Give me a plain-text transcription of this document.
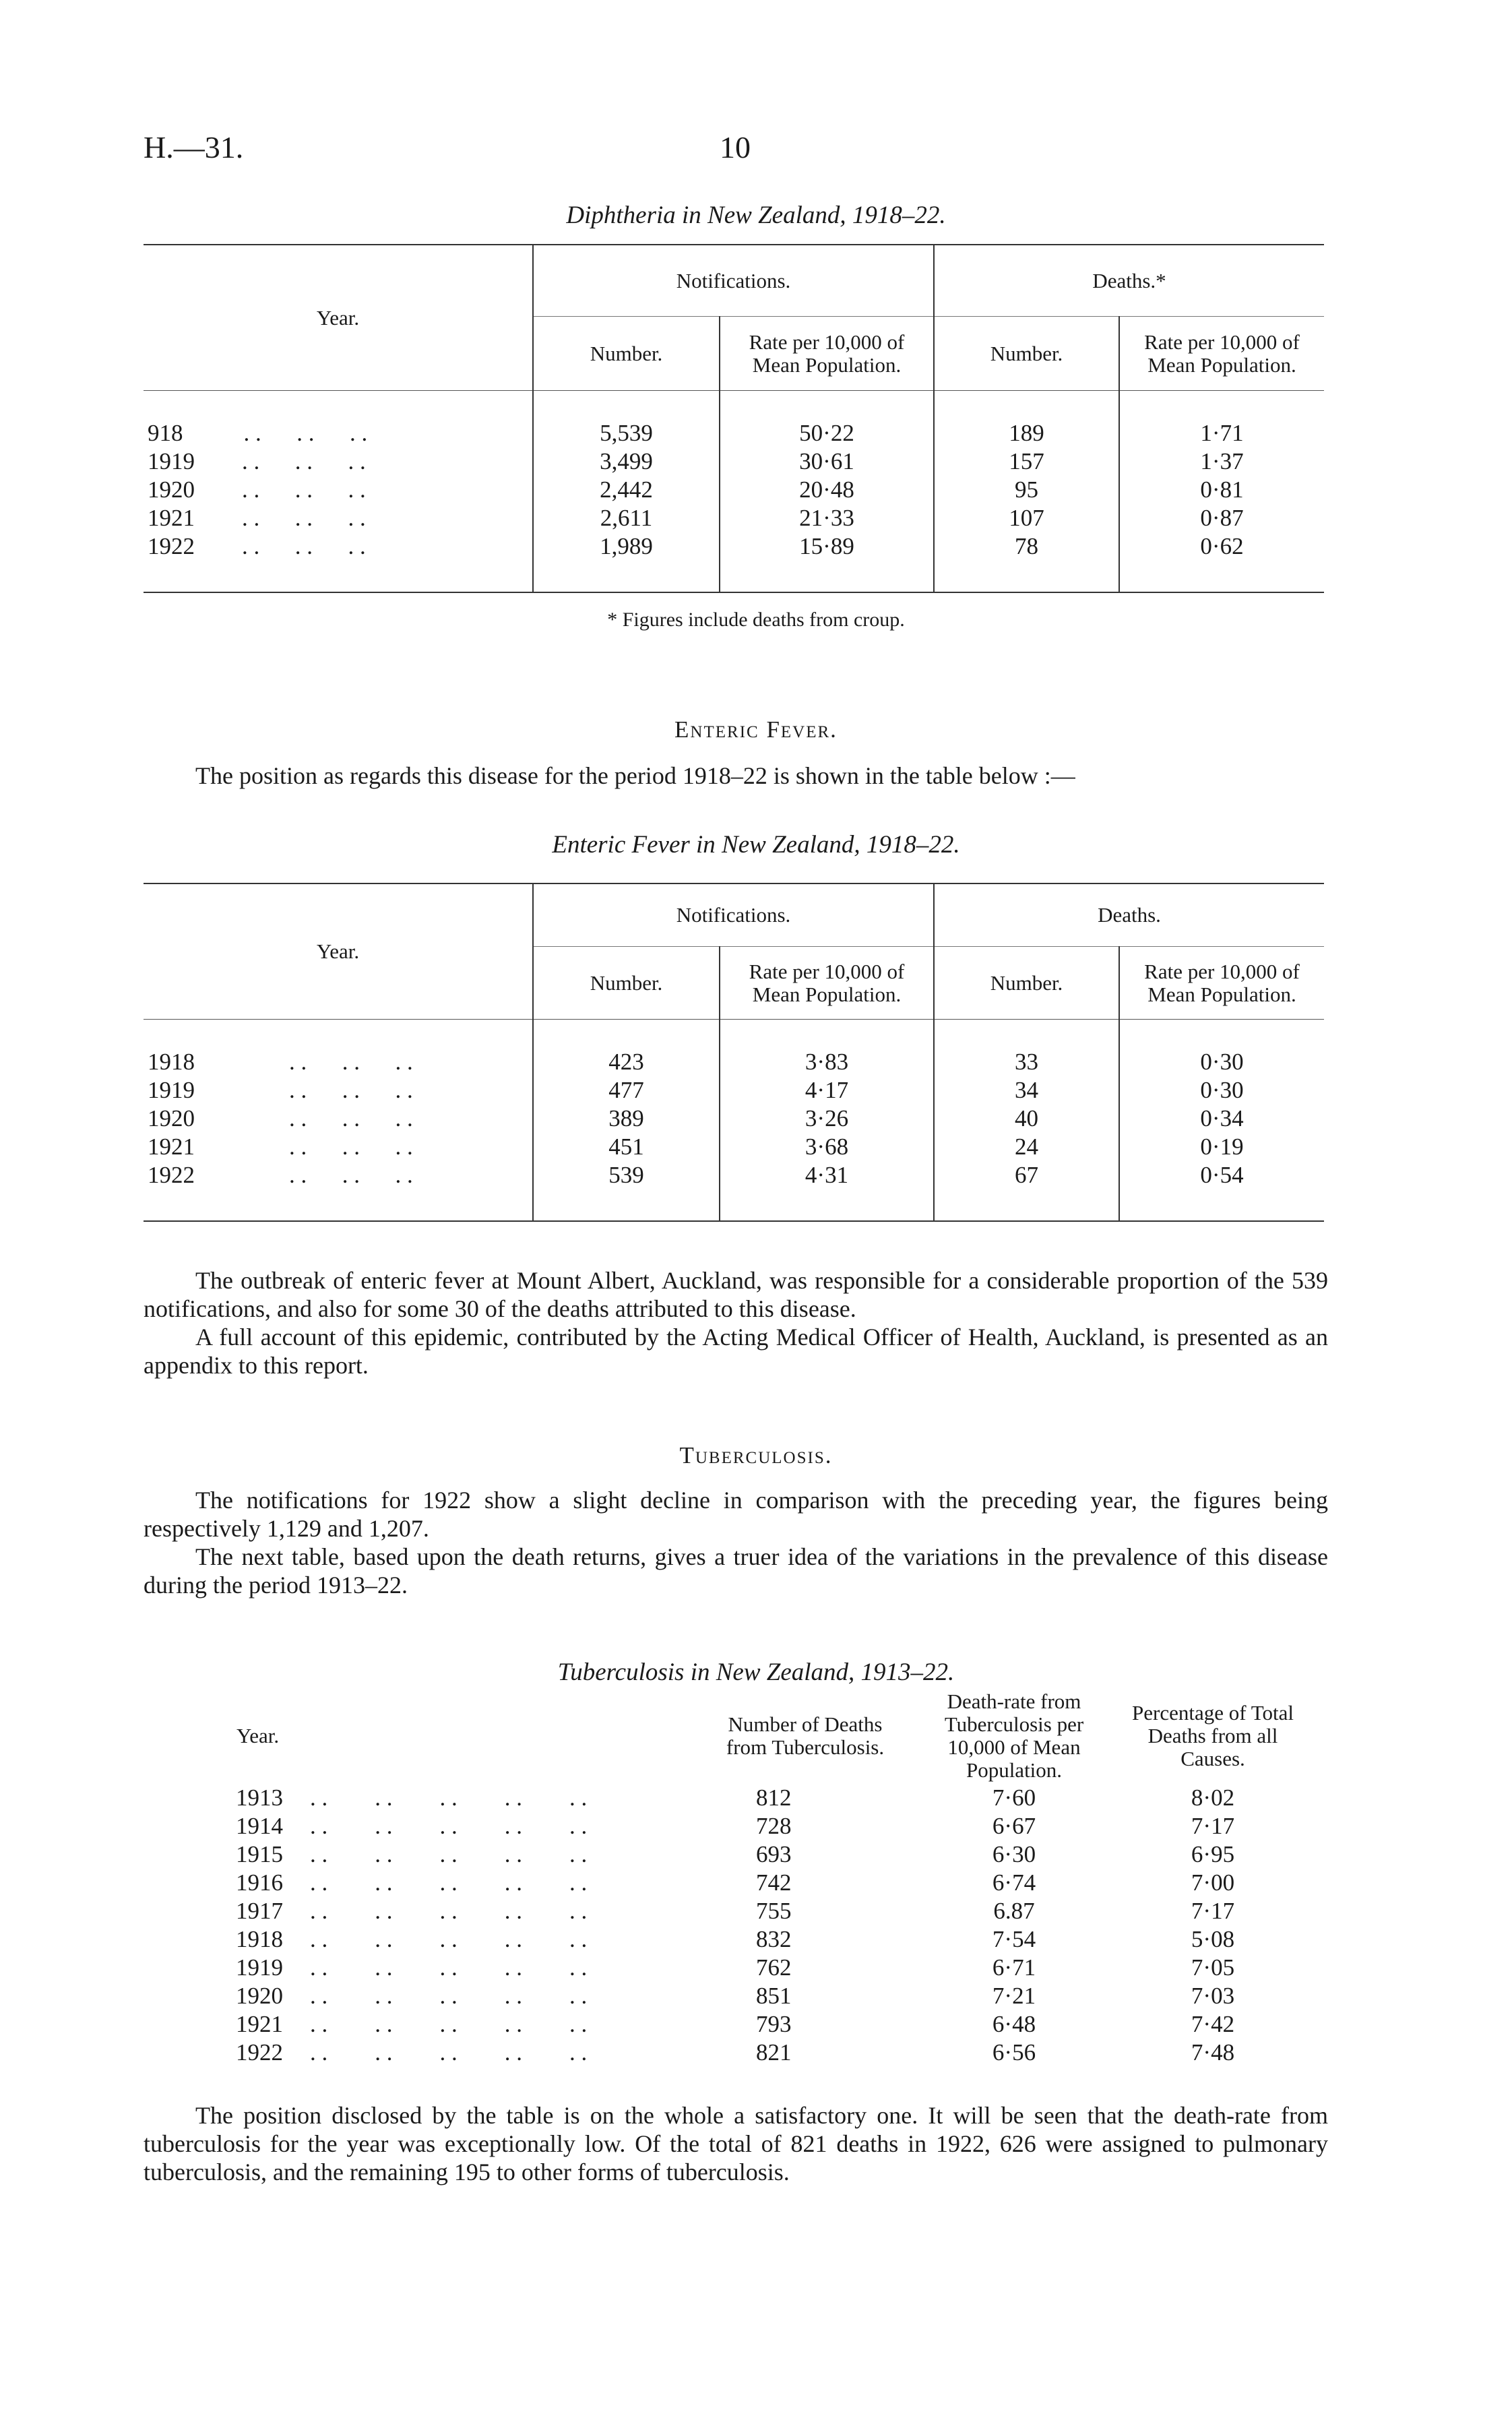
H.—31.	10
Diphtheria in New Zealand, 1918–22.
Year.	Notifications.		Deaths.*	
	Number.	Rate per 10,000 of Mean Population.	Number.	Rate per 10,000 of Mean Population.

918 . .      . .      . .	5,539	50·22	189	1·71
1919 . .      . .      . .	3,499	30·61	157	1·37
1920 . .      . .      . .	2,442	20·48	95	0·81
1921 . .      . .      . .	2,611	21·33	107	0·87
1922 . .      . .      . .	1,989	15·89	78	0·62

* Figures include deaths from croup.
Enteric Fever.

The position as regards this disease for the period 1918–22 is shown in the table below :—

Enteric Fever in New Zealand, 1918–22.
Year.	Notifications.		Deaths.	
	Number.	Rate per 10,000 of Mean Population.	Number.	Rate per 10,000 of Mean Population.

1918 . .      . .      . .	423	3·83	33	0·30
1919 . .      . .      . .	477	4·17	34	0·30
1920 . .      . .      . .	389	3·26	40	0·34
1921 . .      . .      . .	451	3·68	24	0·19
1922 . .      . .      . .	539	4·31	67	0·54

The outbreak of enteric fever at Mount Albert, Auckland, was responsible for a considerable proportion of the 539 notifications, and also for some 30 of the deaths attributed to this disease.

A full account of this epidemic, contributed by the Acting Medical Officer of Health, Auckland, is presented as an appendix to this report.

Tuberculosis.

The notifications for 1922 show a slight decline in comparison with the preceding year, the figures being respectively 1,129 and 1,207.

The next table, based upon the death returns, gives a truer idea of the variations in the prevalence of this disease during the period 1913–22.

Tuberculosis in New Zealand, 1913–22.
Year.	Number of Deaths from Tuberculosis.	Death-rate from Tuberculosis per 10,000 of Mean Population.	Percentage of Total Deaths from all Causes.
1913 . .        . .        . .        . .        . .	812	7·60	8·02
1914 . .        . .        . .        . .        . .	728	6·67	7·17
1915 . .        . .        . .        . .        . .	693	6·30	6·95
1916 . .        . .        . .        . .        . .	742	6·74	7·00
1917 . .        . .        . .        . .        . .	755	6.87	7·17
1918 . .        . .        . .        . .        . .	832	7·54	5·08
1919 . .        . .        . .        . .        . .	762	6·71	7·05
1920 . .        . .        . .        . .        . .	851	7·21	7·03
1921 . .        . .        . .        . .        . .	793	6·48	7·42
1922 . .        . .        . .        . .        . .	821	6·56	7·48

The position disclosed by the table is on the whole a satisfactory one. It will be seen that the death-rate from tuberculosis for the year was exceptionally low. Of the total of 821 deaths in 1922, 626 were assigned to pulmonary tuberculosis, and the remaining 195 to other forms of tuberculosis.
